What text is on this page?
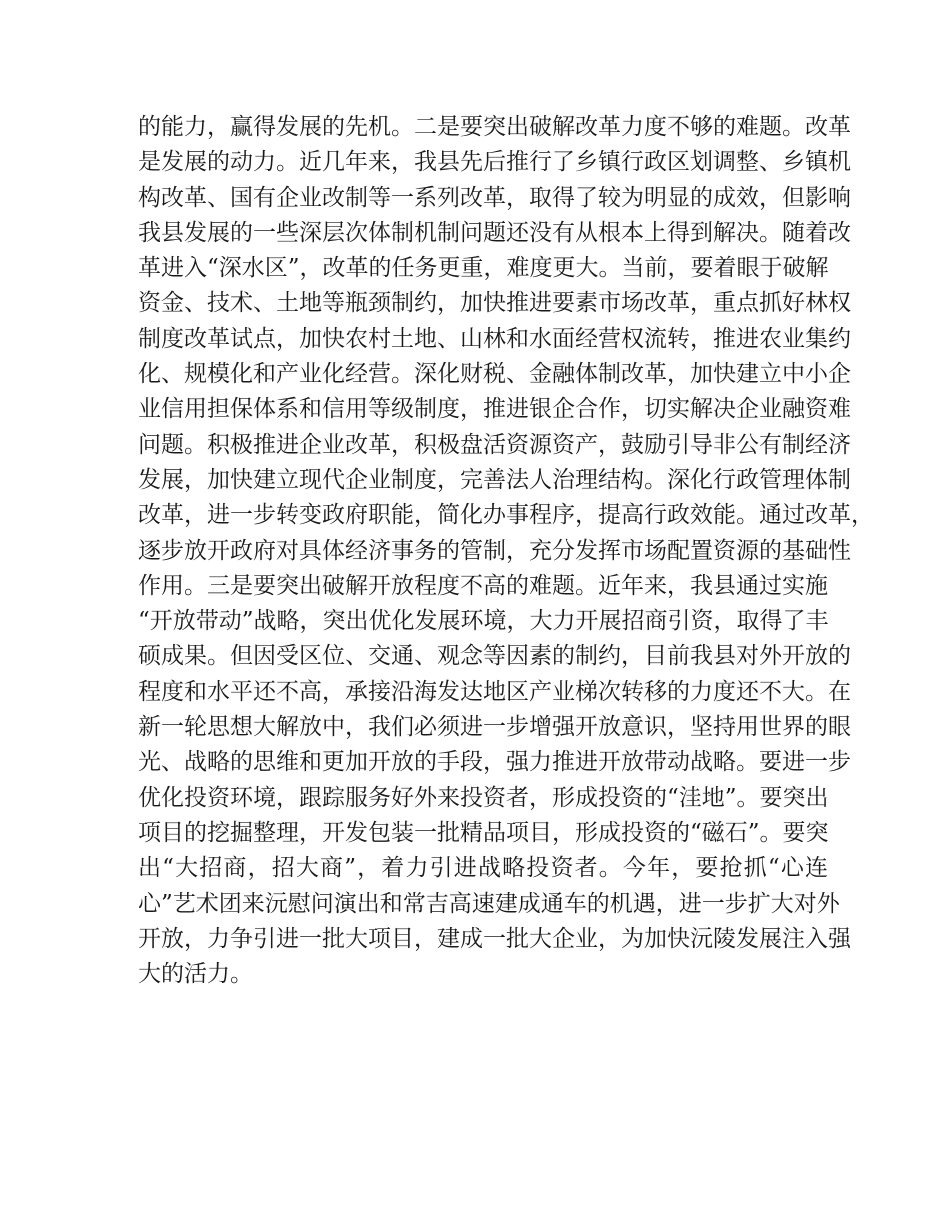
的能力，赢得发展的先机。二是要突出破解改革力度不够的难题。改革
是发展的动力。近几年来，我县先后推行了乡镇行政区划调整、乡镇机
构改革、国有企业改制等一系列改革，取得了较为明显的成效，但影响
我县发展的一些深层次体制机制问题还没有从根本上得到解决。随着改
革进入“深水区”，改革的任务更重，难度更大。当前，要着眼于破解
资金、技术、土地等瓶颈制约，加快推进要素市场改革，重点抓好林权
制度改革试点，加快农村土地、山林和水面经营权流转，推进农业集约
化、规模化和产业化经营。深化财税、金融体制改革，加快建立中小企
业信用担保体系和信用等级制度，推进银企合作，切实解决企业融资难
问题。积极推进企业改革，积极盘活资源资产，鼓励引导非公有制经济
发展，加快建立现代企业制度，完善法人治理结构。深化行政管理体制
改革，进一步转变政府职能，简化办事程序，提高行政效能。通过改革，
逐步放开政府对具体经济事务的管制，充分发挥市场配置资源的基础性
作用。三是要突出破解开放程度不高的难题。近年来，我县通过实施
“开放带动”战略，突出优化发展环境，大力开展招商引资，取得了丰
硕成果。但因受区位、交通、观念等因素的制约，目前我县对外开放的
程度和水平还不高，承接沿海发达地区产业梯次转移的力度还不大。在
新一轮思想大解放中，我们必须进一步增强开放意识，坚持用世界的眼
光、战略的思维和更加开放的手段，强力推进开放带动战略。要进一步
优化投资环境，跟踪服务好外来投资者，形成投资的“洼地”。要突出
项目的挖掘整理，开发包装一批精品项目，形成投资的“磁石”。要突
出“大招商，招大商”，着力引进战略投资者。今年，要抢抓“心连
心”艺术团来沅慰问演出和常吉高速建成通车的机遇，进一步扩大对外
开放，力争引进一批大项目，建成一批大企业，为加快沅陵发展注入强
大的活力。
